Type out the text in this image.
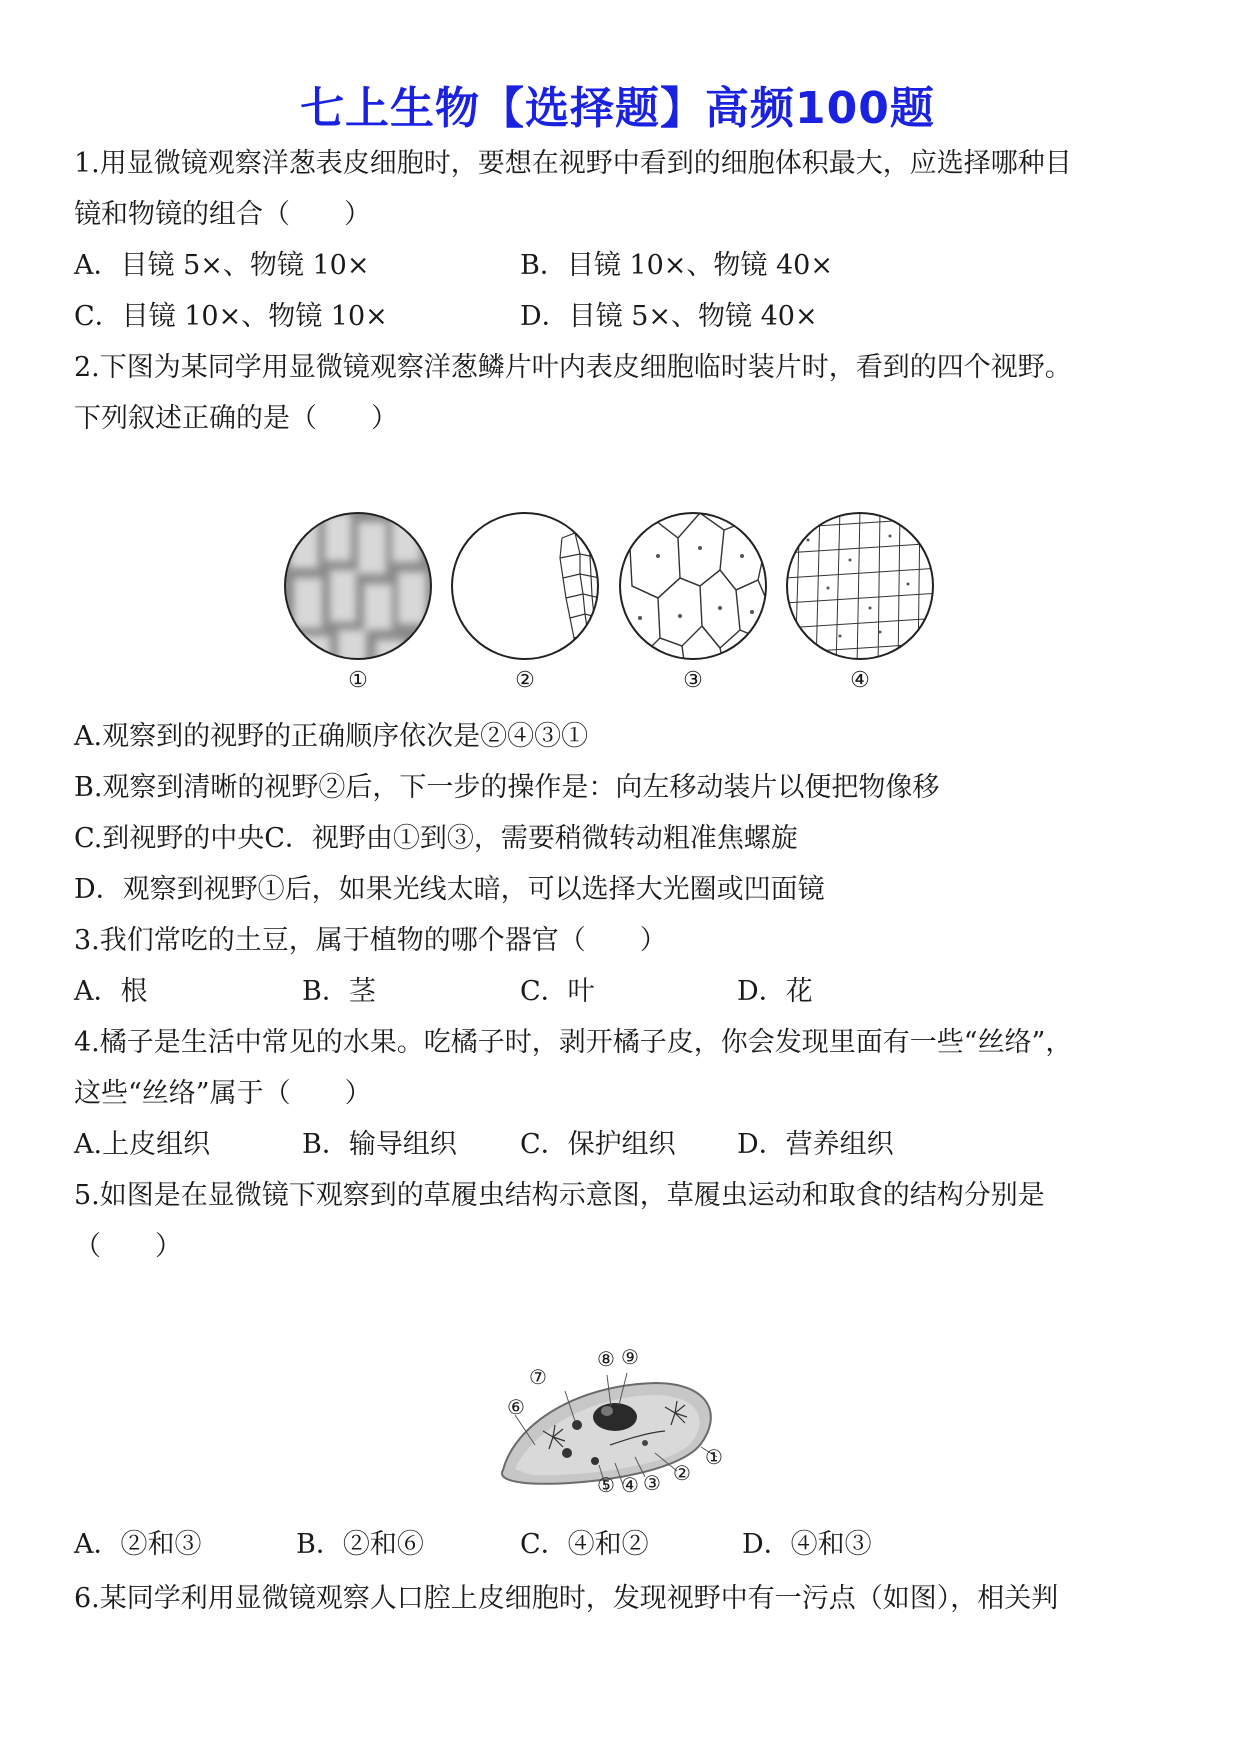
七上生物【选择题】高频100题
1.用显微镜观察洋葱表皮细胞时，要想在视野中看到的细胞体积最大，应选择哪种目
镜和物镜的组合（　　）
A．目镜 5×、物镜 10×	B．目镜 10×、物镜 40×
C．目镜 10×、物镜 10×	D．目镜 5×、物镜 40×
2.下图为某同学用显微镜观察洋葱鳞片叶内表皮细胞临时装片时，看到的四个视野。
下列叙述正确的是（　　）
①	②	③	④
A.观察到的视野的正确顺序依次是②④③①
B.观察到清晰的视野②后，下一步的操作是：向左移动装片以便把物像移
C.到视野的中央C．视野由①到③，需要稍微转动粗准焦螺旋
D．观察到视野①后，如果光线太暗，可以选择大光圈或凹面镜
3.我们常吃的土豆，属于植物的哪个器官（　　）
A．根	B．茎	C．叶	D．花
4.橘子是生活中常见的水果。吃橘子时，剥开橘子皮，你会发现里面有一些“丝络”，
这些“丝络”属于（　　）
A.上皮组织	B．输导组织 C．保护组织 D．营养组织
5.如图是在显微镜下观察到的草履虫结构示意图，草履虫运动和取食的结构分别是
（　　）
①
②
③
④
⑤
⑥
⑦
⑧ ⑨
A．②和③	B．②和⑥	C．④和②	D．④和③
6.某同学利用显微镜观察人口腔上皮细胞时，发现视野中有一污点（如图），相关判
